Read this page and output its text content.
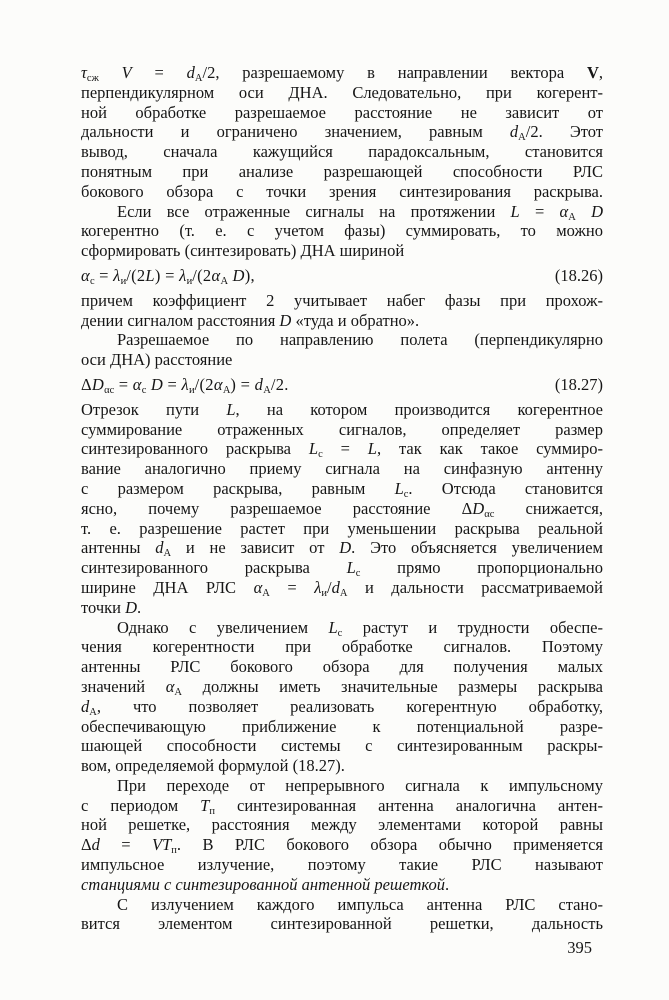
$\tau_{сж}$ $V = d_А/2$, разрешаемому в направлении вектора V,
перпендикулярном оси ДНА. Следовательно, при когерент-
ной обработке разрешаемое расстояние не зависит от
дальности и ограничено значением, равным $d_А/2$. Этот
вывод, сначала кажущийся парадоксальным, становится
понятным при анализе разрешающей способности РЛС
бокового обзора с точки зрения синтезирования раскрыва.
Если все отраженные сигналы на протяжении $L = \alpha_А$ D
когерентно (т. е. с учетом фазы) суммировать, то можно
сформировать (синтезировать) ДНА шириной
$\alpha_с = \lambda_и/(2L) = \lambda_и/(2\alpha_А$ D),	(18.26)
причем коэффициент 2 учитывает набег фазы при прохож-
дении сигналом расстояния D «туда и обратно».
Разрешаемое по направлению полета (перпендикулярно
оси ДНА) расстояние
$\Delta D_{\alpha с} = \alpha_с$ $D = \lambda_и/(2\alpha_А) = d_А/2$.	(18.27)
Отрезок пути L, на котором производится когерентное
суммирование отраженных сигналов, определяет размер
синтезированного раскрыва $L_с = L$, так как такое суммиро-
вание аналогично приему сигнала на синфазную антенну
с размером раскрыва, равным $L_с$. Отсюда становится
ясно, почему разрешаемое расстояние $\Delta D_{\alpha с}$ снижается,
т. е. разрешение растет при уменьшении раскрыва реальной
антенны $d_А$ и не зависит от D. Это объясняется увеличением
синтезированного раскрыва $L_с$ прямо пропорционально
ширине ДНА РЛС $\alpha_А = \lambda_и/d_А$ и дальности рассматриваемой
точки D.
Однако с увеличением $L_с$ растут и трудности обеспе-
чения когерентности при обработке сигналов. Поэтому
антенны РЛС бокового обзора для получения малых
значений $\alpha_А$ должны иметь значительные размеры раскрыва
$d_А$, что позволяет реализовать когерентную обработку,
обеспечивающую приближение к потенциальной разре-
шающей способности системы с синтезированным раскры-
вом, определяемой формулой (18.27).
При переходе от непрерывного сигнала к импульсному
с периодом $T_п$ синтезированная антенна аналогична антен-
ной решетке, расстояния между элементами которой равны
$\Delta d = VT_п$. В РЛС бокового обзора обычно применяется
импульсное излучение, поэтому такие РЛС называют
станциями с синтезированной антенной решеткой.
С излучением каждого импульса антенна РЛС стано-
вится элементом синтезированной решетки, дальность
395
